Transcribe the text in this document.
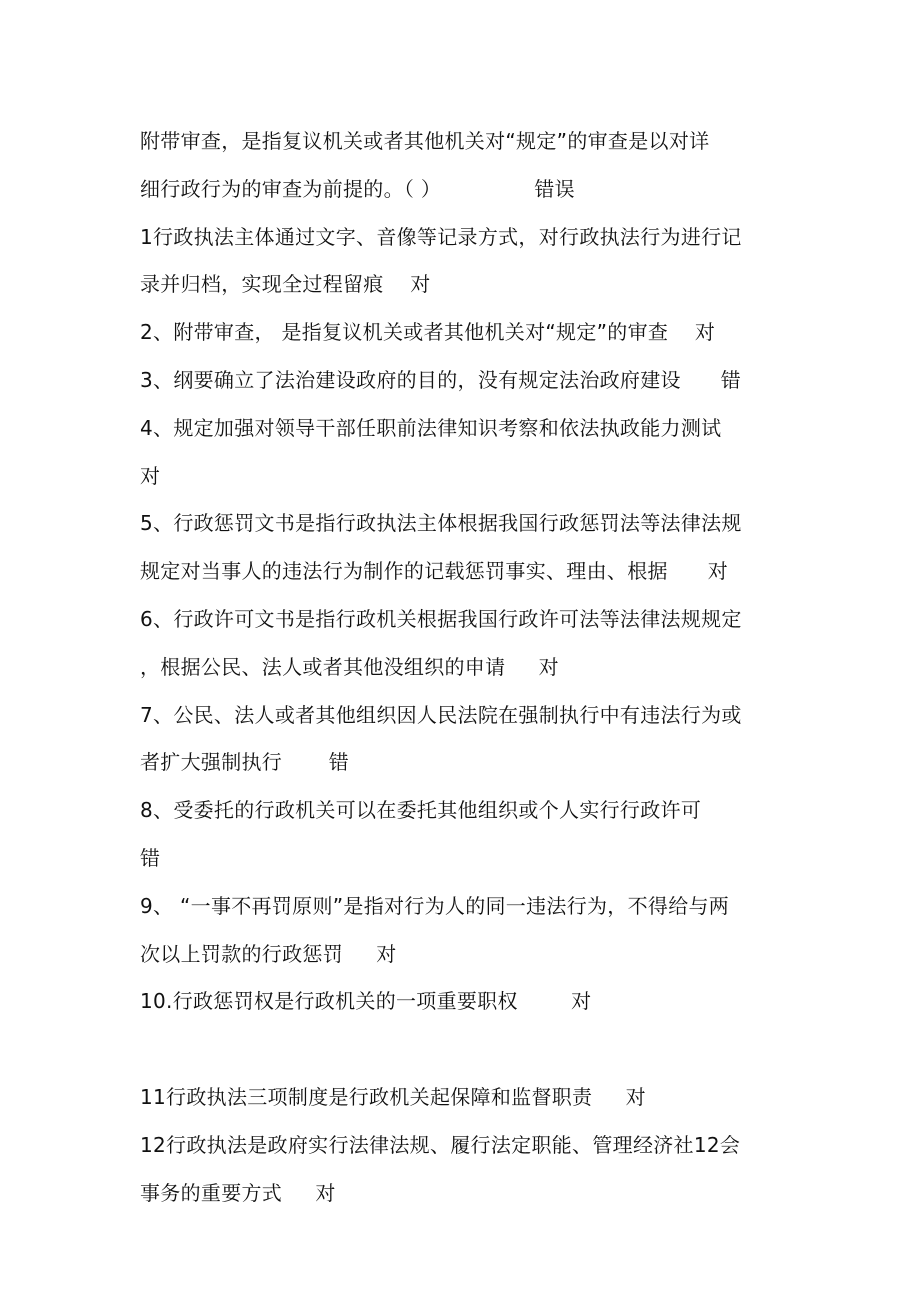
附带审查，是指复议机关或者其他机关对“规定”的审查是以对详
细行政行为的审查为前提的。（ ）              错误
1行政执法主体通过文字、音像等记录方式，对行政执法行为进行记
录并归档，实现全过程留痕    对
2、附带审查， 是指复议机关或者其他机关对“规定”的审查    对
3、纲要确立了法治建设政府的目的，没有规定法治政府建设      错
4、规定加强对领导干部任职前法律知识考察和依法执政能力测试
对
5、行政惩罚文书是指行政执法主体根据我国行政惩罚法等法律法规
规定对当事人的违法行为制作的记载惩罚事实、理由、根据      对
6、行政许可文书是指行政机关根据我国行政许可法等法律法规规定
，根据公民、法人或者其他没组织的申请     对
7、公民、法人或者其他组织因人民法院在强制执行中有违法行为或
者扩大强制执行       错
8、受委托的行政机关可以在委托其他组织或个人实行行政许可
错
9、 “一事不再罚原则”是指对行为人的同一违法行为，不得给与两
次以上罚款的行政惩罚     对
10.行政惩罚权是行政机关的一项重要职权        对
11行政执法三项制度是行政机关起保障和监督职责     对
12行政执法是政府实行法律法规、履行法定职能、管理经济社12会
事务的重要方式     对
